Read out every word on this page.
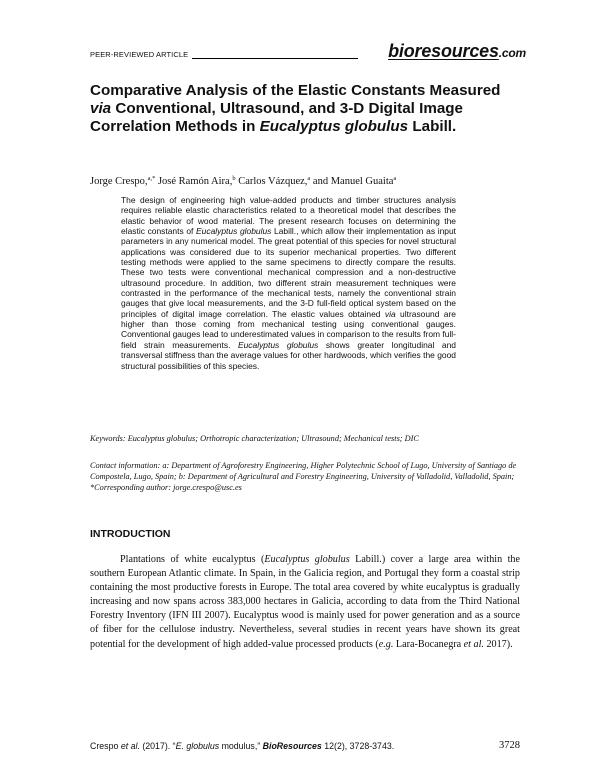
PEER-REVIEWED ARTICLE	bioresources.com
Comparative Analysis of the Elastic Constants Measured via Conventional, Ultrasound, and 3-D Digital Image Correlation Methods in Eucalyptus globulus Labill.

Jorge Crespo,$^{a,*}$ José Ramón Aira,$^b$ Carlos Vázquez,$^a$ and Manuel Guaita$^a$

The design of engineering high value-added products and timber structures analysis requires reliable elastic characteristics related to a theoretical model that describes the elastic behavior of wood material. The present research focuses on determining the elastic constants of Eucalyptus globulus Labill., which allow their implementation as input parameters in any numerical model. The great potential of this species for novel structural applications was considered due to its superior mechanical properties. Two different testing methods were applied to the same specimens to directly compare the results. These two tests were conventional mechanical compression and a non-destructive ultrasound procedure. In addition, two different strain measurement techniques were contrasted in the performance of the mechanical tests, namely the conventional strain gauges that give local measurements, and the 3-D full-field optical system based on the principles of digital image correlation. The elastic values obtained via ultrasound are higher than those coming from mechanical testing using conventional gauges. Conventional gauges lead to underestimated values in comparison to the results from full-field strain measurements. Eucalyptus globulus shows greater longitudinal and transversal stiffness than the average values for other hardwoods, which verifies the good structural possibilities of this species.

Keywords: Eucalyptus globulus; Orthotropic characterization; Ultrasound; Mechanical tests; DIC

Contact information: a: Department of Agroforestry Engineering, Higher Polytechnic School of Lugo, University of Santiago de Compostela, Lugo, Spain; b: Department of Agricultural and Forestry Engineering, University of Valladolid, Valladolid, Spain;
*Corresponding author: jorge.crespo@usc.es

INTRODUCTION

Plantations of white eucalyptus (Eucalyptus globulus Labill.) cover a large area within the southern European Atlantic climate. In Spain, in the Galicia region, and Portugal they form a coastal strip containing the most productive forests in Europe. The total area covered by white eucalyptus is gradually increasing and now spans across 383,000 hectares in Galicia, according to data from the Third National Forestry Inventory (IFN III 2007). Eucalyptus wood is mainly used for power generation and as a source of fiber for the cellulose industry. Nevertheless, several studies in recent years have shown its great potential for the development of high added-value processed products (e.g. Lara-Bocanegra et al. 2017).

Crespo et al. (2017). “E. globulus modulus,” BioResources 12(2), 3728-3743.	3728
